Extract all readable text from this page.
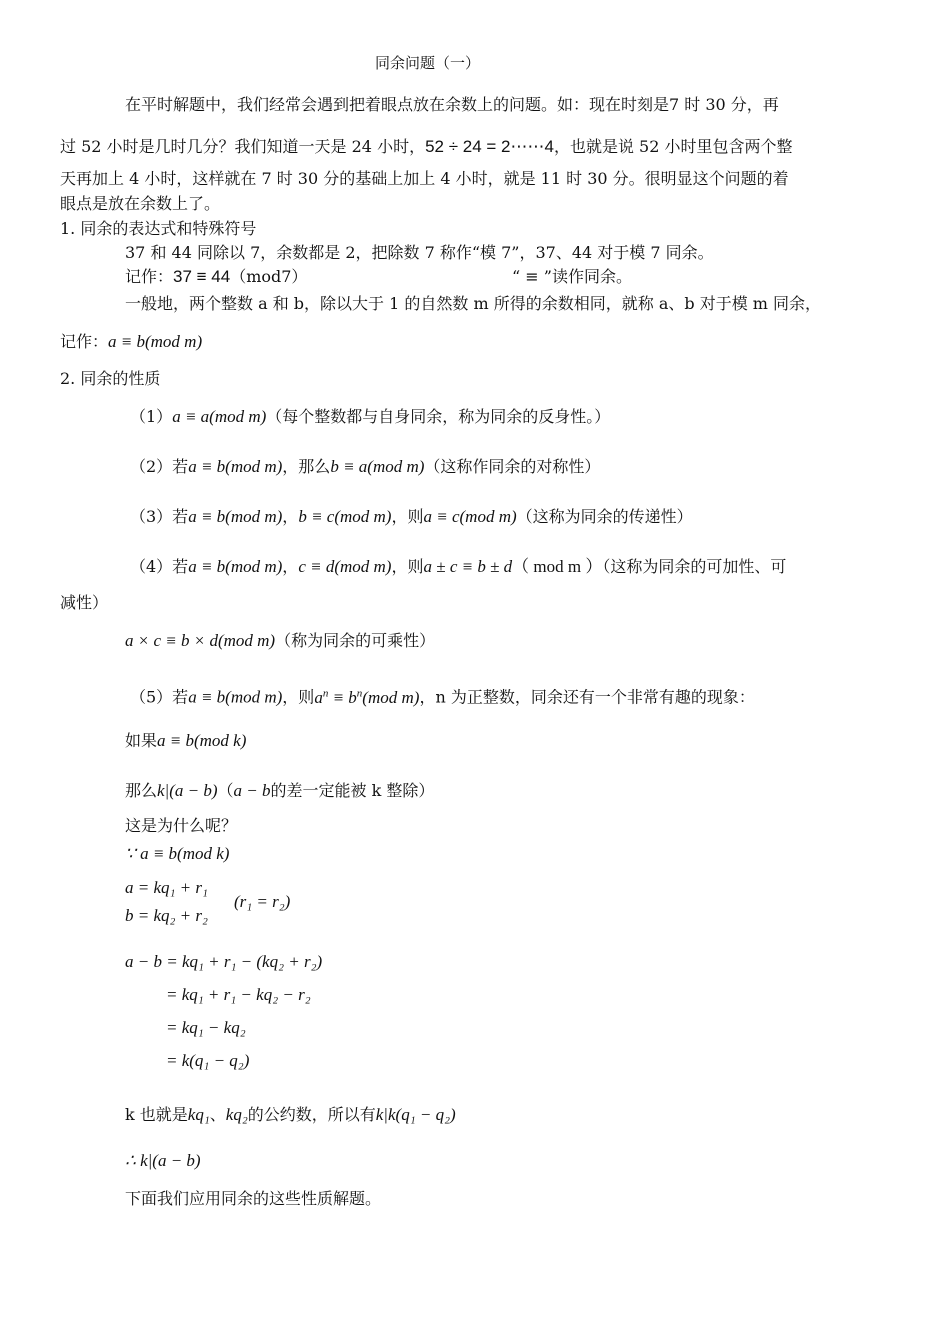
同余问题（一）
在平时解题中，我们经常会遇到把着眼点放在余数上的问题。如：现在时刻是7 时 30 分，再
过 52 小时是几时几分？我们知道一天是 24 小时，52 ÷ 24 = 2⋯⋯4，也就是说 52 小时里包含两个整
天再加上 4 小时，这样就在 7 时 30 分的基础上加上 4 小时，就是 11 时 30 分。很明显这个问题的着
眼点是放在余数上了。
1. 同余的表达式和特殊符号
37 和 44 同除以 7，余数都是 2，把除数 7 称作“模 7”，37、44 对于模 7 同余。
记作：37 ≡ 44（mod7）	“ ≡ ”读作同余。
一般地，两个整数 a 和 b，除以大于 1 的自然数 m 所得的余数相同，就称 a、b 对于模 m 同余，
记作：a ≡ b(mod m)
2. 同余的性质
（1）a ≡ a(mod m)（每个整数都与自身同余，称为同余的反身性。）
（2）若a ≡ b(mod m)，那么b ≡ a(mod m)（这称作同余的对称性）
（3）若a ≡ b(mod m)，b ≡ c(mod m)，则a ≡ c(mod m)（这称为同余的传递性）
（4）若a ≡ b(mod m)，c ≡ d(mod m)，则a ± c ≡ b ± d（ mod m ）（这称为同余的可加性、可
减性）
a × c ≡ b × d(mod m)（称为同余的可乘性）
（5）若a ≡ b(mod m)，则$a^n \equiv b^n(mod$ m)，n 为正整数，同余还有一个非常有趣的现象：
如果a ≡ b(mod k)
那么k|(a − b)（a − b的差一定能被 k 整除）
这是为什么呢？
∵ a ≡ b(mod k)
a = kq₁ + r₁
b = kq₂ + r₂
(r₁ = r₂)
a − b = kq₁ + r₁ − (kq₂ + r₂)
= kq₁ + r₁ − kq₂ − r₂
= kq₁ − kq₂
= k(q₁ − q₂)
k 也就是kq₁、kq₂的公约数，所以有k|k(q₁ − q₂)
∴ k|(a − b)
下面我们应用同余的这些性质解题。
